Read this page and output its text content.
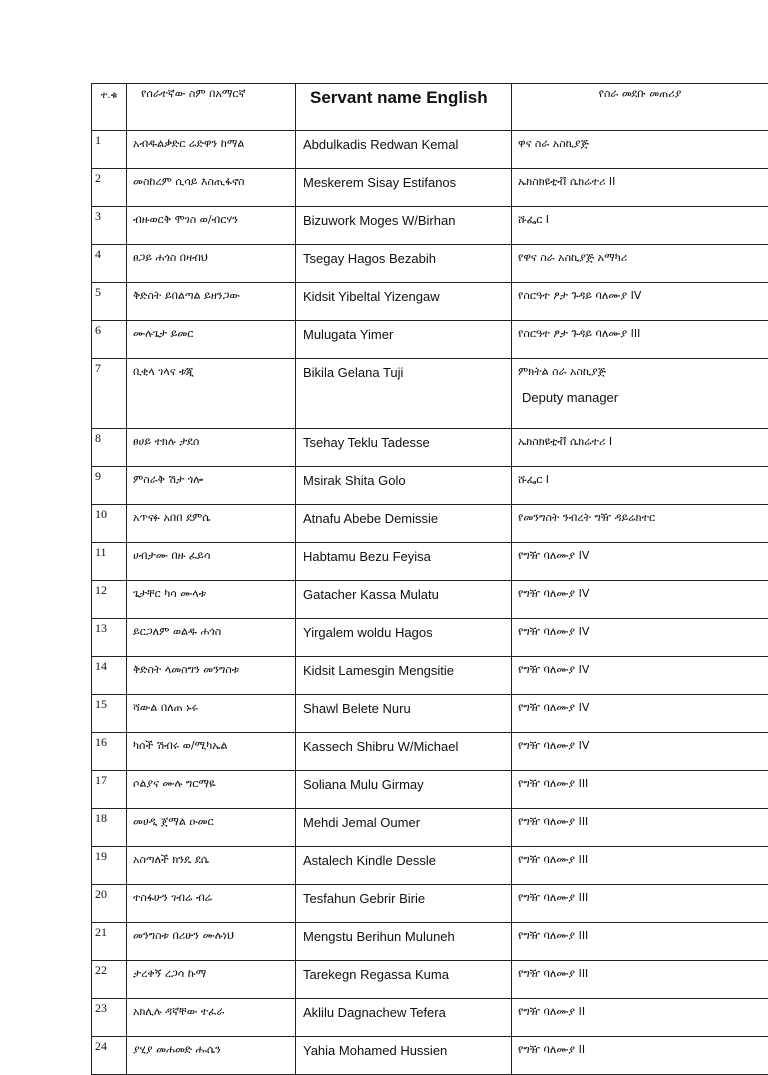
ተ.ቁ	የሰራተኛው ስም በአማርኛ	Servant name English	የስራ መደቡ መጠሪያ
1	አብዱልቃድር ሬድዋን ከማል	Abdulkadis Redwan Kemal	ዋና ስራ አስኪያጅ
2	መስከረም ሲሳይ እስጢፋኖስ	Meskerem Sisay Estifanos	ኤክስክዩቲቭ ሴክሬተሪ II
3	ብዙወርቅ ሞገስ ወ/ብርሃን	Bizuwork Moges W/Birhan	ሹፌር I
4	ፀጋይ ሐጎስ በዛብህ	Tsegay Hagos Bezabih	የዋና ስራ አስኪያጅ አማካሪ
5	ቅድስት ይበልጣል ይዘንጋው	Kidsit Yibeltal Yizengaw	የስርዓተ ፆታ ጉዳይ ባለሙያ IV
6	ሙሉጌታ ይመር	Mulugata Yimer	የስርዓተ ፆታ ጉዳይ ባለሙያ III
7	ቢቂላ ገላና ቱጂ	Bikila Gelana Tuji	ምክትል ስራ አስኪያጅ
Deputy manager

8	ፀሀይ ተክሉ ታደሰ	Tsehay Teklu Tadesse	ኤክስክዩቲቭ ሴክሬተሪ I
9	ምስራቅ ሽታ ጎሎ	Msirak Shita Golo	ሹፌር I
10	አጥናፉ አበበ ደምሴ	Atnafu Abebe Demissie	የመንግስት ንብረት ግዥ ዳይሬክተር
11	ሀብታሙ በዙ ፈይሳ	Habtamu Bezu Feyisa	የግዥ ባለሙያ IV
12	ጌታቸር ካሳ ሙላቱ	Gatacher Kassa Mulatu	የግዥ ባለሙያ IV
13	ይርጋለም ወልዱ ሐጎስ	Yirgalem woldu Hagos	የግዥ ባለሙያ IV
14	ቅድስት ላመስግን መንግስቱ	Kidsit Lamesgin Mengsitie	የግዥ ባለሙያ IV
15	ሻውል በለጠ ኑሩ	Shawl Belete Nuru	የግዥ ባለሙያ IV
16	ካሰች ሽብሩ ወ/ሚካኤል	Kassech Shibru W/Michael	የግዥ ባለሙያ IV
17	ሶልያና ሙሉ ግርማዬ	Soliana Mulu Girmay	የግዥ ባለሙያ III
18	መሀዲ ጀማል ዑመር	Mehdi Jemal Oumer	የግዥ ባለሙያ III
19	አስጣለች ክንዴ ደሴ	Astalech Kindle Dessle	የግዥ ባለሙያ III
20	ተስፋሁን ገብሬ ብሬ	Tesfahun Gebrir Birie	የግዥ ባለሙያ III
21	መንግስቱ በሪሁን ሙሉነህ	Mengstu Berihun Muluneh	የግዥ ባለሙያ III
22	ታረቀኝ ረጋሳ ኩማ	Tarekegn Regassa Kuma	የግዥ ባለሙያ III
23	አክሊሉ ዳኛቸው ተፈራ	Aklilu Dagnachew Tefera	የግዥ ባለሙያ II
24	ያሂያ መሐመድ ሑሴን	Yahia Mohamed Hussien	የግዥ ባለሙያ II
